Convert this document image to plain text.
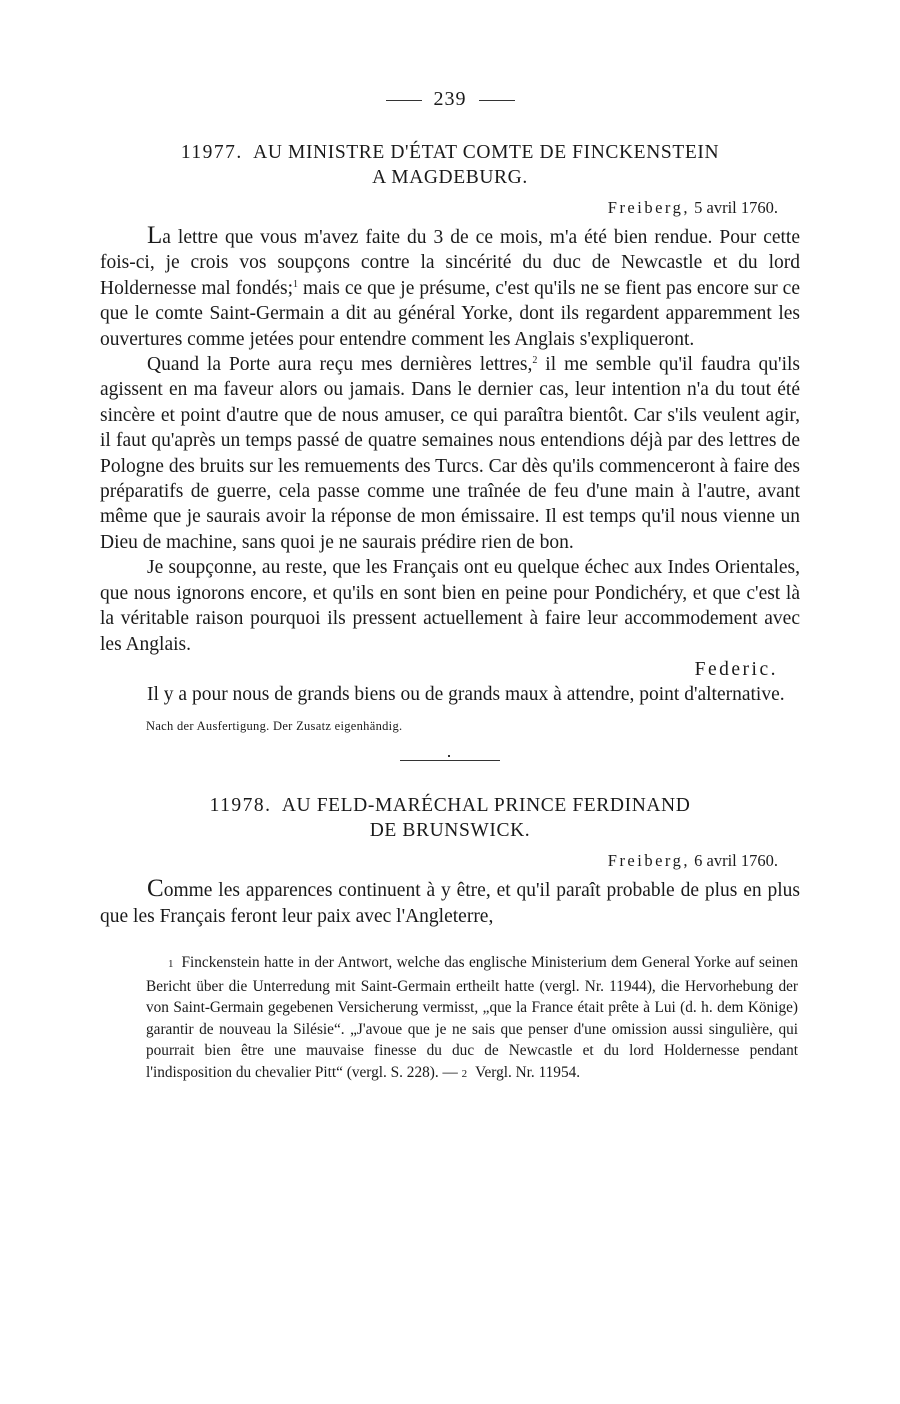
239
11977. AU MINISTRE D'ÉTAT COMTE DE FINCKENSTEIN
A MAGDEBURG.
Freiberg, 5 avril 1760.

La lettre que vous m'avez faite du 3 de ce mois, m'a été bien rendue. Pour cette fois-ci, je crois vos soupçons contre la sincérité du duc de Newcastle et du lord Holdernesse mal fondés;$^1$ mais ce que je présume, c'est qu'ils ne se fient pas encore sur ce que le comte Saint-Germain a dit au général Yorke, dont ils regardent apparemment les ouvertures comme jetées pour entendre comment les Anglais s'expliqueront.

Quand la Porte aura reçu mes dernières lettres,$^2$ il me semble qu'il faudra qu'ils agissent en ma faveur alors ou jamais. Dans le dernier cas, leur intention n'a du tout été sincère et point d'autre que de nous amuser, ce qui paraîtra bientôt. Car s'ils veulent agir, il faut qu'après un temps passé de quatre semaines nous entendions déjà par des lettres de Pologne des bruits sur les remuements des Turcs. Car dès qu'ils commenceront à faire des préparatifs de guerre, cela passe comme une traînée de feu d'une main à l'autre, avant même que je saurais avoir la réponse de mon émissaire. Il est temps qu'il nous vienne un Dieu de machine, sans quoi je ne saurais prédire rien de bon.

Je soupçonne, au reste, que les Français ont eu quelque échec aux Indes Orientales, que nous ignorons encore, et qu'ils en sont bien en peine pour Pondichéry, et que c'est là la véritable raison pourquoi ils pressent actuellement à faire leur accommodement avec les Anglais.

Federic.

Il y a pour nous de grands biens ou de grands maux à attendre, point d'alternative.

Nach der Ausfertigung. Der Zusatz eigenhändig.
11978. AU FELD-MARÉCHAL PRINCE FERDINAND
DE BRUNSWICK.
Freiberg, 6 avril 1760.

Comme les apparences continuent à y être, et qu'il paraît probable de plus en plus que les Français feront leur paix avec l'Angleterre,

1 Finckenstein hatte in der Antwort, welche das englische Ministerium dem General Yorke auf seinen Bericht über die Unterredung mit Saint-Germain ertheilt hatte (vergl. Nr. 11944), die Hervorhebung der von Saint-Germain gegebenen Versicherung vermisst, „que la France était prête à Lui (d. h. dem Könige) garantir de nouveau la Silésie“. „J'avoue que je ne sais que penser d'une omission aussi singulière, qui pourrait bien être une mauvaise finesse du duc de Newcastle et du lord Holdernesse pendant l'indisposition du chevalier Pitt“ (vergl. S. 228). — 2 Vergl. Nr. 11954.
